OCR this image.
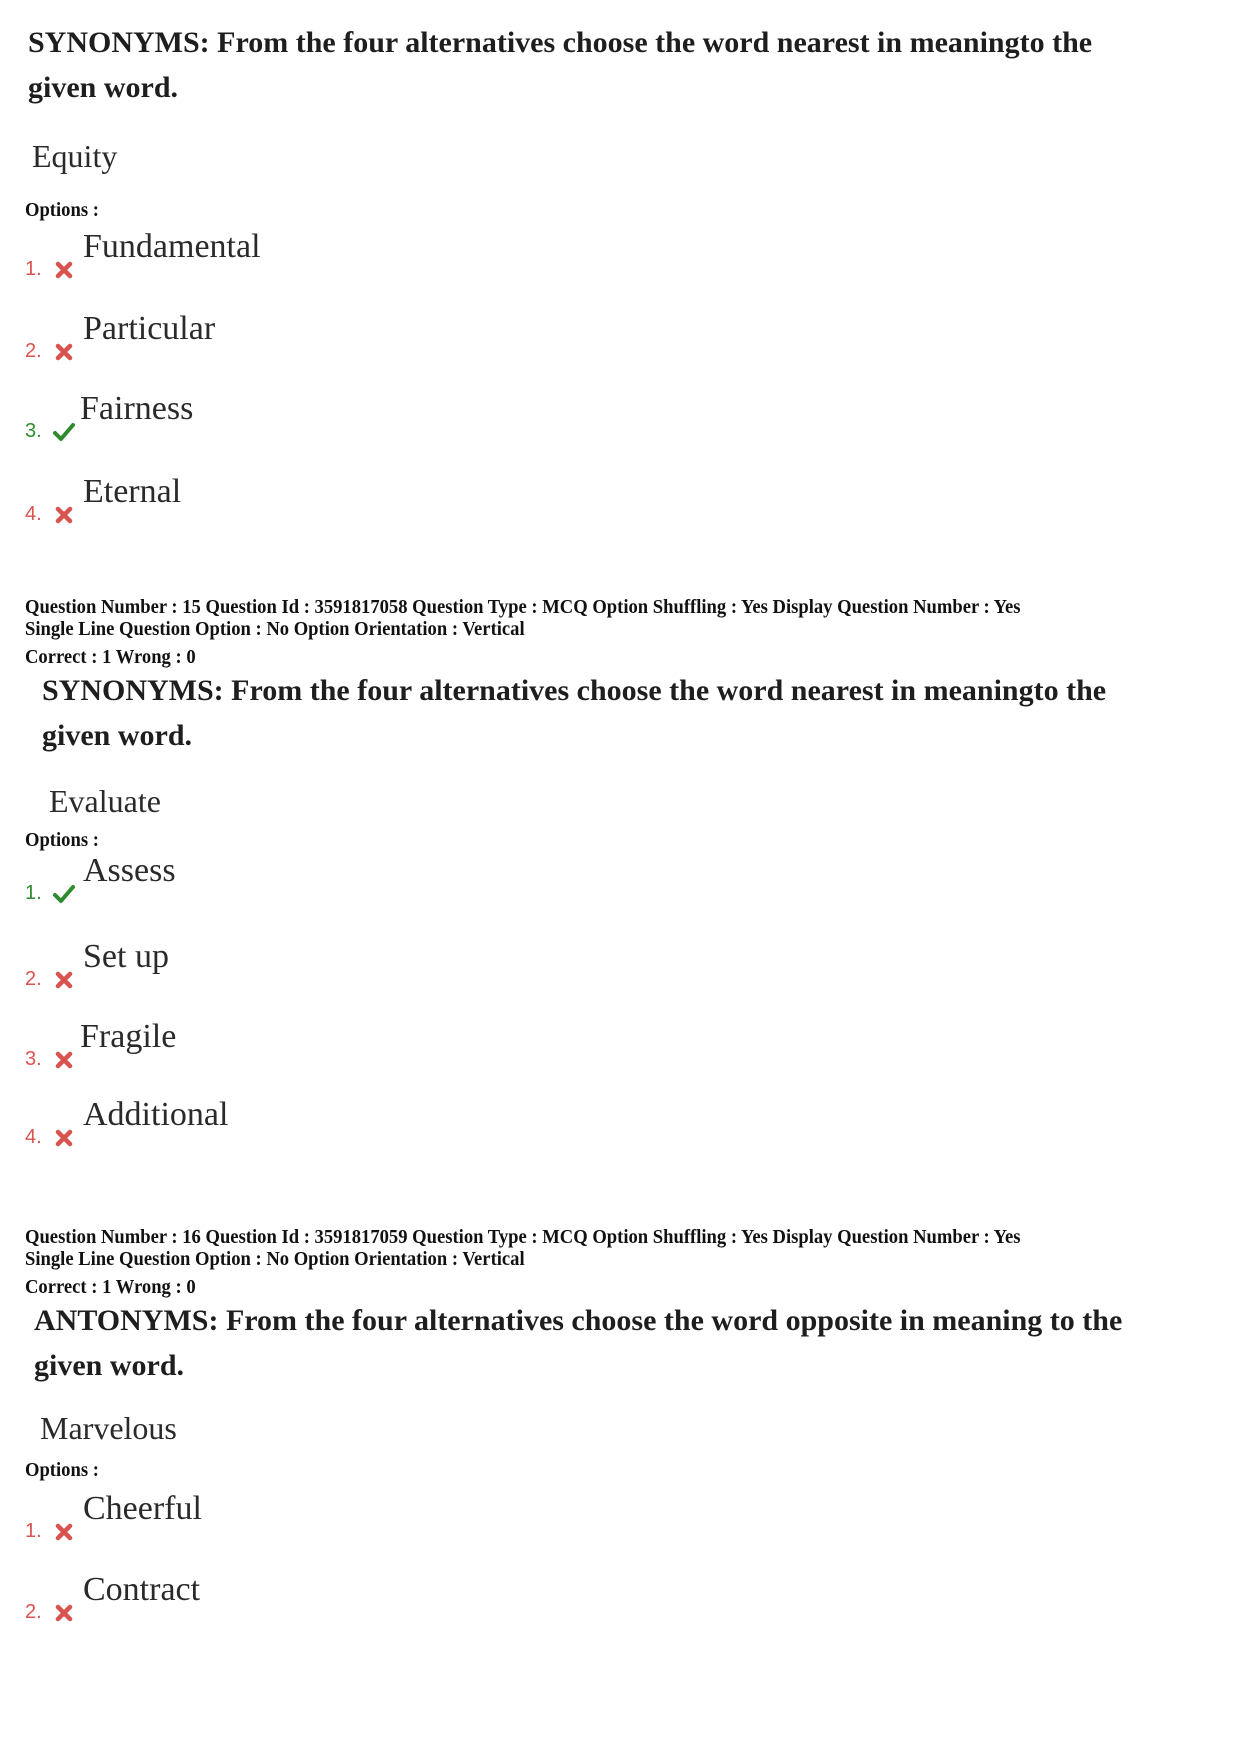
SYNONYMS: From the four alternatives choose the word nearest in meaningto the
given word.
Equity
Options :
1.
Fundamental
2.
Particular
3.
Fairness
4.
Eternal
Question Number : 15 Question Id : 3591817058 Question Type : MCQ Option Shuffling : Yes Display Question Number : Yes
Single Line Question Option : No Option Orientation : Vertical
Correct : 1 Wrong : 0
SYNONYMS: From the four alternatives choose the word nearest in meaningto the
given word.
Evaluate
Options :
1.
Assess
2.
Set up
3.
Fragile
4.
Additional
Question Number : 16 Question Id : 3591817059 Question Type : MCQ Option Shuffling : Yes Display Question Number : Yes
Single Line Question Option : No Option Orientation : Vertical
Correct : 1 Wrong : 0
ANTONYMS: From the four alternatives choose the word opposite in meaning to the
given word.
Marvelous
Options :
1.
Cheerful
2.
Contract
